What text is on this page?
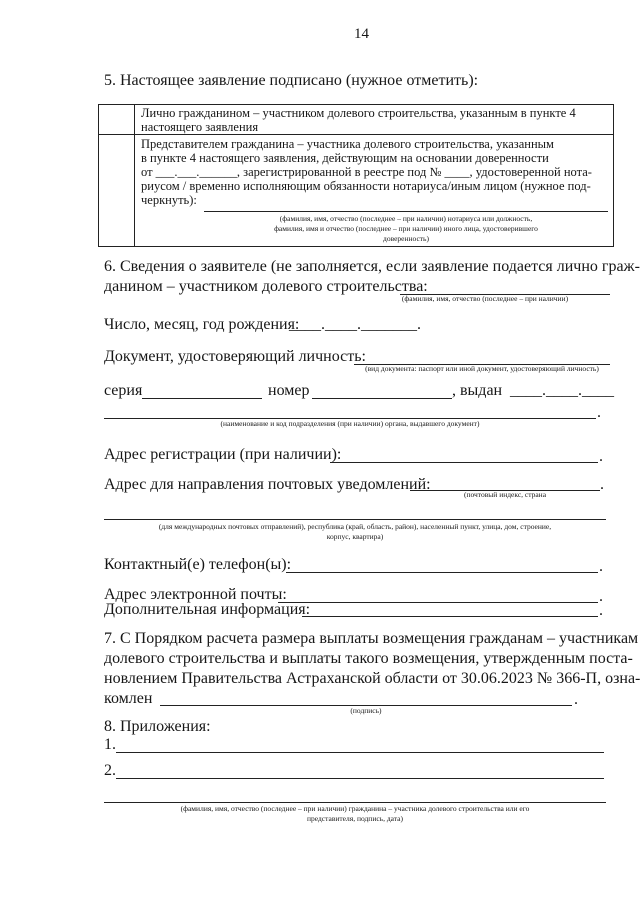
14
5. Настоящее заявление подписано (нужное отметить):
Лично гражданином – участником долевого строительства, указанным в пункте 4
настоящего заявления
Представителем гражданина – участника долевого строительства, указанным
в пункте 4 настоящего заявления, действующим на основании доверенности
от ___.___.______, зарегистрированной в реестре под № ____, удостоверенной нота-
риусом / временно исполняющим обязанности нотариуса/иным лицом (нужное под-
черкнуть):
(фамилия, имя, отчество (последнее – при наличии) нотариуса или должность,
фамилия, имя и отчество (последнее – при наличии) иного лица, удостоверившего
доверенность)
6. Сведения о заявителе (не заполняется, если заявление подается лично граж-
данином – участником долевого строительства:
(фамилия, имя, отчество (последнее – при наличии)
Число, месяц, год рождения:
____.____._______.
Документ, удостоверяющий личность:
(вид документа: паспорт или иной документ, удостоверяющий личность)
серия	номер	, выдан ____.____.____
.
(наименование и код подразделения (при наличии) органа, выдавшего документ)
Адрес регистрации (при наличии):	.
Адрес для направления почтовых уведомлений:	.
(почтовый индекс, страна
(для международных почтовых отправлений), республика (край, область, район), населенный пункт, улица, дом, строение,
корпус, квартира)
Контактный(е) телефон(ы):	.
Адрес электронной почты:	.
Дополнительная информация:	.
7. С Порядком расчета размера выплаты возмещения гражданам – участникам
долевого строительства и выплаты такого возмещения, утвержденным поста-
новлением Правительства Астраханской области от 30.06.2023 № 366-П, озна-
комлен	.
(подпись)
8. Приложения:
1.
2.
(фамилия, имя, отчество (последнее – при наличии) гражданина – участника долевого строительства или его
представителя, подпись, дата)
